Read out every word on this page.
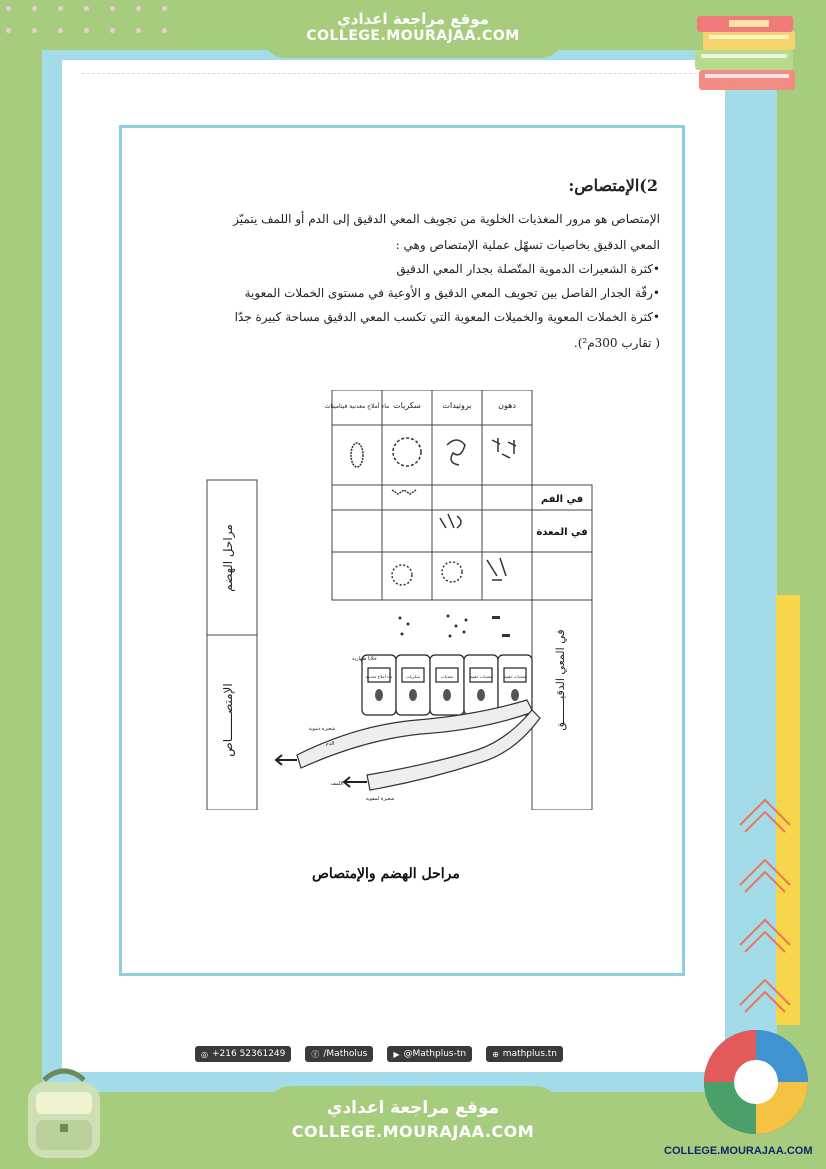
موقع مراجعة اعدادي
COLLEGE.MOURAJAA.COM
2)الإمتصاص:

الإمتصاص هو مرور المغذيات الخلوية من تجويف المعي الدقيق إلى الدم أو اللمف يتميّز

المعي الدقيق بخاصيات تسهّل عملية الإمتصاص وهي :

•كثرة الشعيرات الدموية المتّصلة بجدار المعي الدقيق

•رقّة الجدار الفاصل بين تجويف المعي الدقيق و الأوعية في مستوى الخملات المعوية

•كثرة الخملات المعوية والخميلات المعوية التي تكسب المعي الدقيق مساحة كبيرة جدّا

( تقارب 300م²).

ماء أملاح معدنية فيتامينات سكريات	بروتيدات	دهون
في الفم
في المعدة
مراحل الهضم
الإمتصـــــــاص	في المعي الدقيـــــــق
ماء أملاح معدنية	سكريات	مغذيات	مغذيات ذهنية	مغذيات دهنية
خلايا ظهارية
شعيرة دموية
الدم
اللمف
شعيرة لمفوية
مراحل الهضم والإمتصاص
◎ +216 52361249	ⓕ /Matholus	▶ @Mathplus-tn	⊕ mathplus.tn
موقع مراجعة اعدادي
COLLEGE.MOURAJAA.COM
COLLEGE.MOURAJAA.COM
